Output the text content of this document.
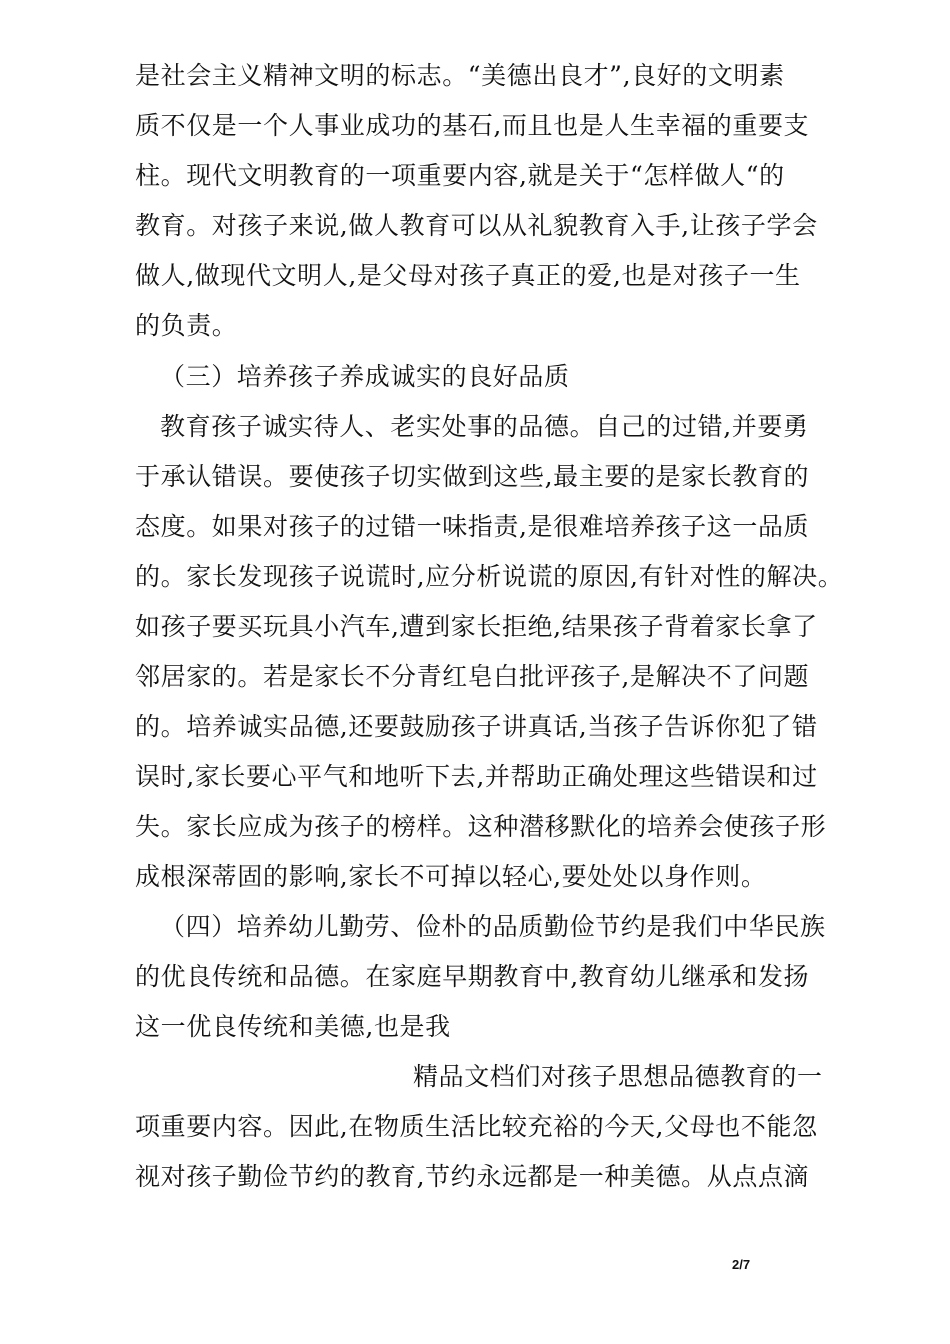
是社会主义精神文明的标志。“美德出良才”,良好的文明素

质不仅是一个人事业成功的基石,而且也是人生幸福的重要支

柱。现代文明教育的一项重要内容,就是关于“怎样做人“的

教育。对孩子来说,做人教育可以从礼貌教育入手,让孩子学会

做人,做现代文明人,是父母对孩子真正的爱,也是对孩子一生

的负责。

（三）培养孩子养成诚实的良好品质

教育孩子诚实待人、老实处事的品德。自己的过错,并要勇

于承认错误。要使孩子切实做到这些,最主要的是家长教育的

态度。如果对孩子的过错一味指责,是很难培养孩子这一品质

的。家长发现孩子说谎时,应分析说谎的原因,有针对性的解决。

如孩子要买玩具小汽车,遭到家长拒绝,结果孩子背着家长拿了

邻居家的。若是家长不分青红皂白批评孩子,是解决不了问题

的。培养诚实品德,还要鼓励孩子讲真话,当孩子告诉你犯了错

误时,家长要心平气和地听下去,并帮助正确处理这些错误和过

失。家长应成为孩子的榜样。这种潜移默化的培养会使孩子形

成根深蒂固的影响,家长不可掉以轻心,要处处以身作则。

（四）培养幼儿勤劳、俭朴的品质勤俭节约是我们中华民族

的优良传统和品德。在家庭早期教育中,教育幼儿继承和发扬

这一优良传统和美德,也是我

精品文档们对孩子思想品德教育的一

项重要内容。因此,在物质生活比较充裕的今天,父母也不能忽

视对孩子勤俭节约的教育,节约永远都是一种美德。从点点滴

2/7
